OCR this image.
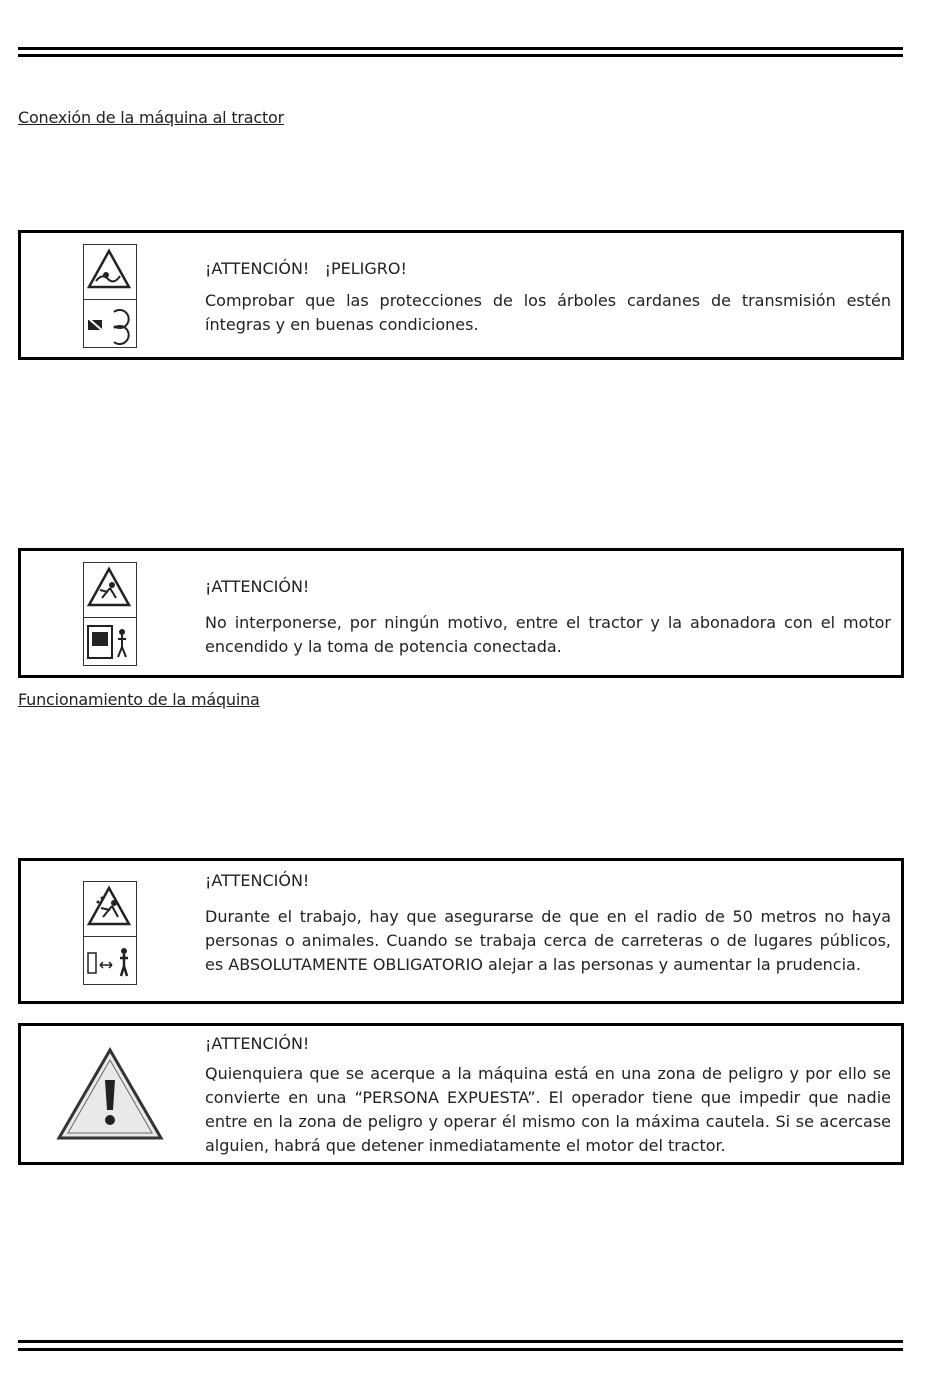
Conexión de la máquina al tractor

¡ATTENCIÓN!   ¡PELIGRO!

Comprobar que las protecciones de los árboles cardanes de transmisión estén íntegras y en buenas condiciones.

¡ATTENCIÓN!

No interponerse, por ningún motivo, entre el tractor y la abonadora con el motor encendido y la toma de potencia conectada.

Funcionamiento de la máquina

¡ATTENCIÓN!

Durante el trabajo, hay que asegurarse de que en el radio de 50 metros no haya personas o animales. Cuando se trabaja cerca de carreteras o de lugares públicos, es ABSOLUTAMENTE OBLIGATORIO alejar a las personas y aumentar la prudencia.

¡ATTENCIÓN!

Quienquiera que se acerque a la máquina está en una zona de peligro y por ello se convierte en una “PERSONA EXPUESTA”. El operador tiene que impedir que nadie entre en la zona de peligro y operar él mismo con la máxima cautela. Si se acercase alguien, habrá que detener inmediatamente el motor del tractor.
